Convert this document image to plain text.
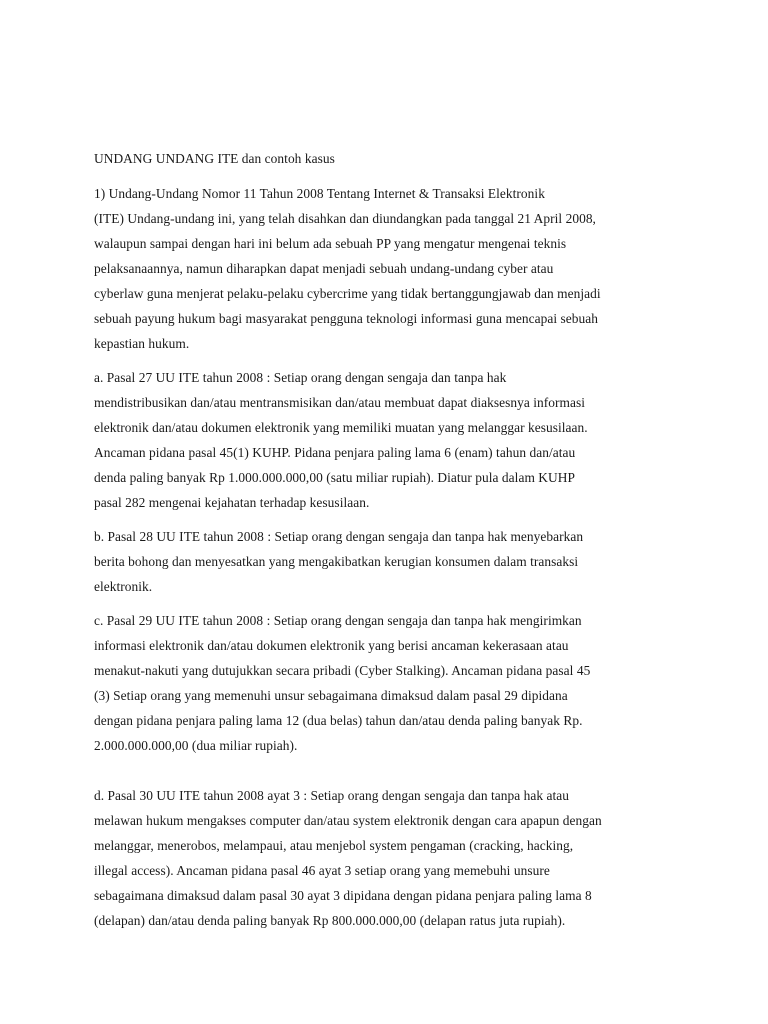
UNDANG UNDANG ITE dan contoh kasus
1) Undang-Undang Nomor 11 Tahun 2008 Tentang Internet & Transaksi Elektronik
(ITE) Undang-undang ini, yang telah disahkan dan diundangkan pada tanggal 21 April 2008,
walaupun sampai dengan hari ini belum ada sebuah PP yang mengatur mengenai teknis
pelaksanaannya, namun diharapkan dapat menjadi sebuah undang-undang cyber atau
cyberlaw guna menjerat pelaku-pelaku cybercrime yang tidak bertanggungjawab dan menjadi
sebuah payung hukum bagi masyarakat pengguna teknologi informasi guna mencapai sebuah
kepastian hukum.
a. Pasal 27 UU ITE tahun 2008 : Setiap orang dengan sengaja dan tanpa hak
mendistribusikan dan/atau mentransmisikan dan/atau membuat dapat diaksesnya informasi
elektronik dan/atau dokumen elektronik yang memiliki muatan yang melanggar kesusilaan.
Ancaman pidana pasal 45(1) KUHP. Pidana penjara paling lama 6 (enam) tahun dan/atau
denda paling banyak Rp 1.000.000.000,00 (satu miliar rupiah). Diatur pula dalam KUHP
pasal 282 mengenai kejahatan terhadap kesusilaan.
b. Pasal 28 UU ITE tahun 2008 : Setiap orang dengan sengaja dan tanpa hak menyebarkan
berita bohong dan menyesatkan yang mengakibatkan kerugian konsumen dalam transaksi
elektronik.
c. Pasal 29 UU ITE tahun 2008 : Setiap orang dengan sengaja dan tanpa hak mengirimkan
informasi elektronik dan/atau dokumen elektronik yang berisi ancaman kekerasaan atau
menakut-nakuti yang dutujukkan secara pribadi (Cyber Stalking). Ancaman pidana pasal 45
(3) Setiap orang yang memenuhi unsur sebagaimana dimaksud dalam pasal 29 dipidana
dengan pidana penjara paling lama 12 (dua belas) tahun dan/atau denda paling banyak Rp.
2.000.000.000,00 (dua miliar rupiah).
d. Pasal 30 UU ITE tahun 2008 ayat 3 : Setiap orang dengan sengaja dan tanpa hak atau
melawan hukum mengakses computer dan/atau system elektronik dengan cara apapun dengan
melanggar, menerobos, melampaui, atau menjebol system pengaman (cracking, hacking,
illegal access). Ancaman pidana pasal 46 ayat 3 setiap orang yang memebuhi unsure
sebagaimana dimaksud dalam pasal 30 ayat 3 dipidana dengan pidana penjara paling lama 8
(delapan) dan/atau denda paling banyak Rp 800.000.000,00 (delapan ratus juta rupiah).
